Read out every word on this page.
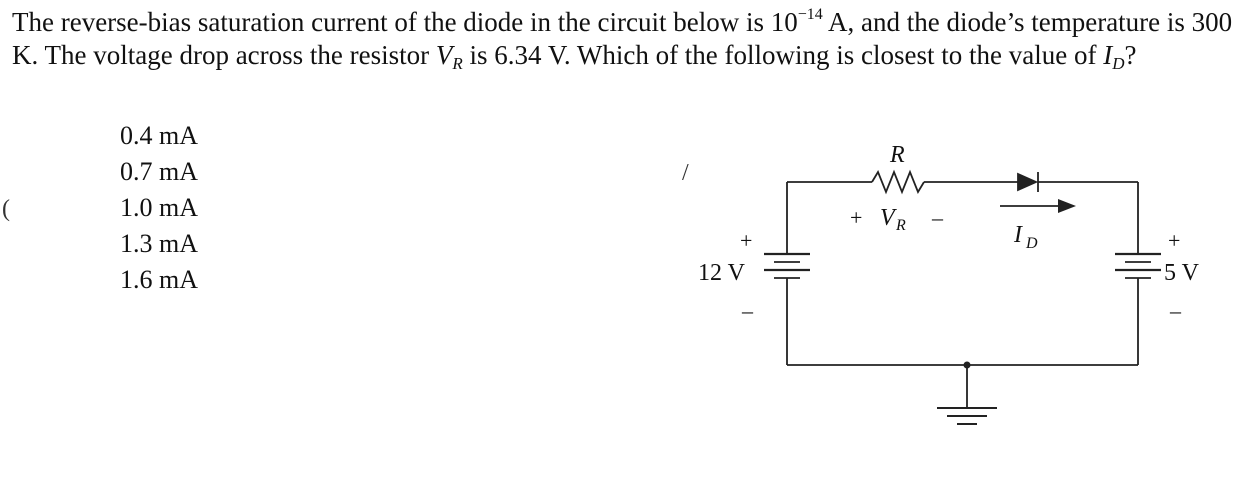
The reverse-bias saturation current of the diode in the circuit below is $10^{-14}$ A, and the diode’s temperature is 300 K. The voltage drop across the resistor $V_R$ is 6.34 V. Which of the following is closest to the value of $I_D$?

0.4 mA
0.7 mA
1.0 mA
1.3 mA
1.6 mA
(
/
R
+ V R –
I D
+
12 V
–
+
5 V
–
